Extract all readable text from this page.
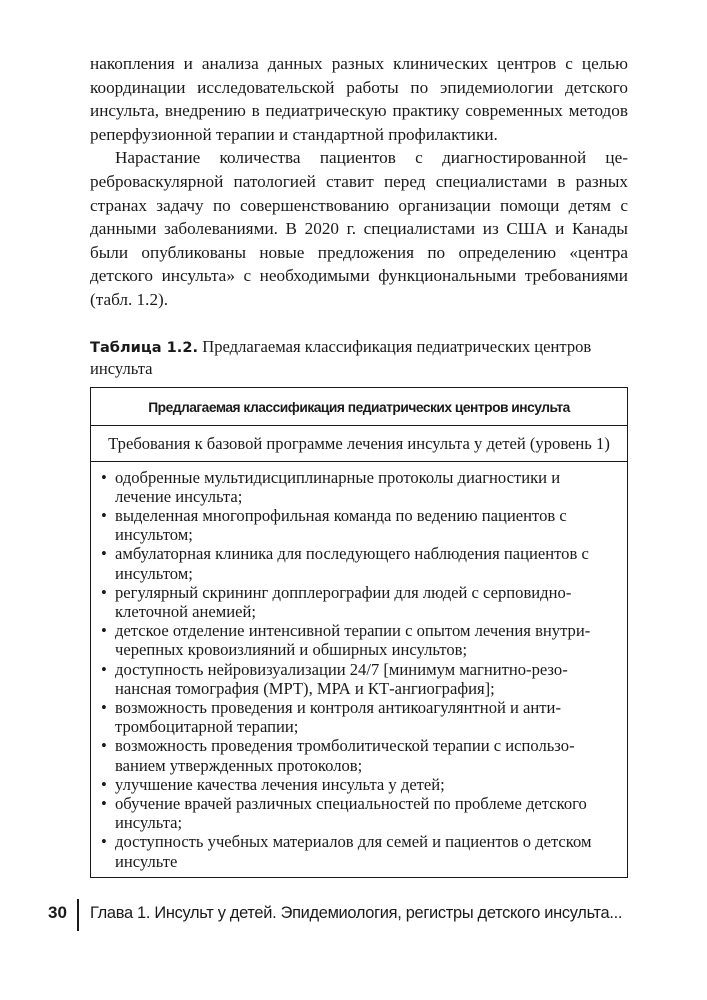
накопления и анализа данных разных клинических центров с целью координации исследовательской работы по эпидемиологии детского инсульта, внедрению в педиатрическую практику современных методов реперфузионной терапии и стандартной профилактики.

Нарастание количества пациентов с диагностированной цереброваскулярной патологией ставит перед специалистами в разных странах задачу по совершенствованию организации помощи детям с данными заболеваниями. В 2020 г. специалистами из США и Канады были опубликованы новые предложения по определению «центра детского инсульта» с необходимыми функциональными требованиями (табл. 1.2).

Таблица 1.2. Предлагаемая классификация педиатрических центров инсульта

Предлагаемая классификация педиатрических центров инсульта
Требования к базовой программе лечения инсульта у детей (уровень 1)

• одобренные мультидисциплинарные протоколы диагностики и лечение инсульта;
• выделенная многопрофильная команда по ведению пациентов с инсультом;
• амбулаторная клиника для последующего наблюдения пациентов с инсультом;
• регулярный скрининг допплерографии для людей с серповидноклеточной анемией;
• детское отделение интенсивной терапии с опытом лечения внутричерепных кровоизлияний и обширных инсультов;
• доступность нейровизуализации 24/7 [минимум магнитно-резонансная томография (МРТ), МРА и КТ-ангиография];
• возможность проведения и контроля антикоагулянтной и антитромбоцитарной терапии;
• возможность проведения тромболитической терапии с использованием утвержденных протоколов;
• улучшение качества лечения инсульта у детей;
• обучение врачей различных специальностей по проблеме детского инсульта;
• доступность учебных материалов для семей и пациентов о детском инсульте
30 Глава 1. Инсульт у детей. Эпидемиология, регистры детского инсульта...
